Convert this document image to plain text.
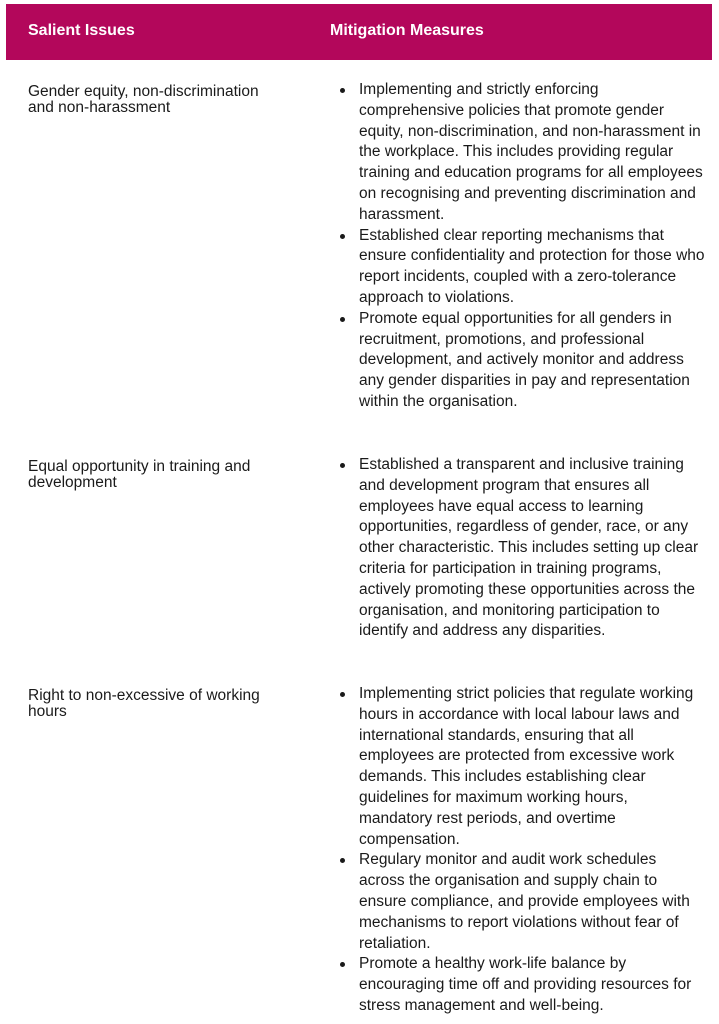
Salient Issues	Mitigation Measures

Gender equity, non-discrimination and non-harassment

Implementing and strictly enforcing comprehensive policies that promote gender equity, non-discrimination, and non-harassment in the workplace. This includes providing regular training and education programs for all employees on recognising and preventing discrimination and harassment.
Established clear reporting mechanisms that ensure confidentiality and protection for those who report incidents, coupled with a zero-tolerance approach to violations.
Promote equal opportunities for all genders in recruitment, promotions, and professional development, and actively monitor and address any gender disparities in pay and representation within the organisation.

Equal opportunity in training and development

Established a transparent and inclusive training and development program that ensures all employees have equal access to learning opportunities, regardless of gender, race, or any other characteristic. This includes setting up clear criteria for participation in training programs, actively promoting these opportunities across the organisation, and monitoring participation to identify and address any disparities.

Right to non-excessive of working hours

Implementing strict policies that regulate working hours in accordance with local labour laws and international standards, ensuring that all employees are protected from excessive work demands. This includes establishing clear guidelines for maximum working hours, mandatory rest periods, and overtime compensation.
Regulary monitor and audit work schedules across the organisation and supply chain to ensure compliance, and provide employees with mechanisms to report violations without fear of retaliation.
Promote a healthy work-life balance by encouraging time off and providing resources for stress management and well-being.
